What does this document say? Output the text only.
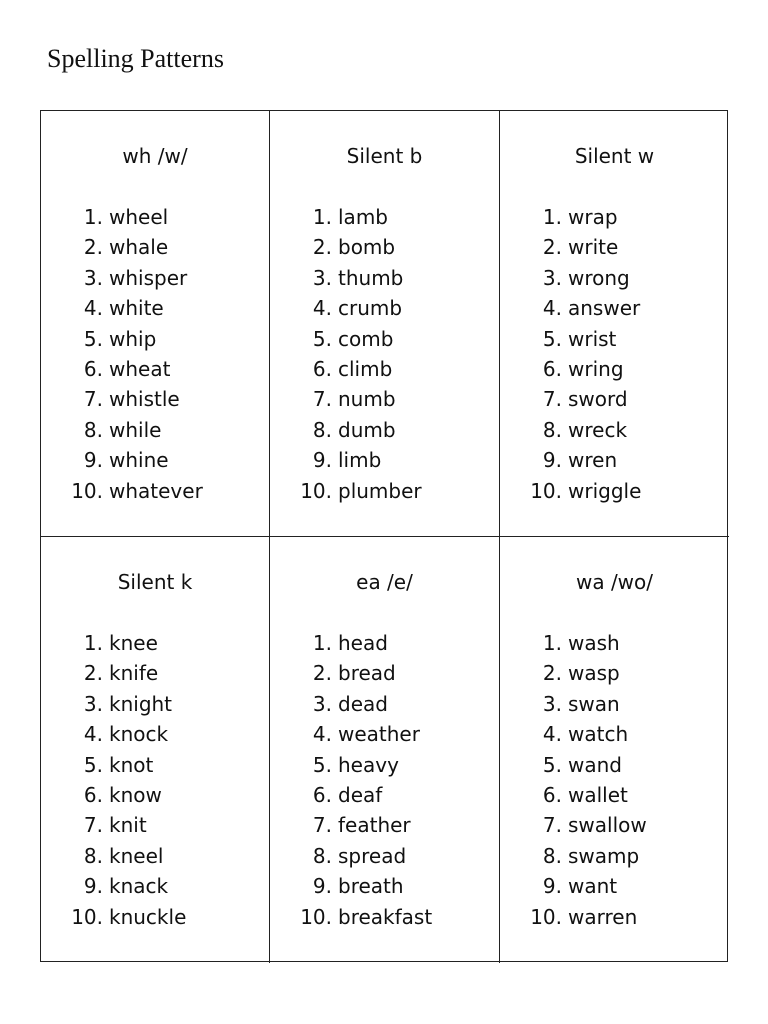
Spelling Patterns
wh /w/
1. wheel
2. whale
3. whisper
4. white
5. whip
6. wheat
7. whistle
8. while
9. whine
10. whatever
Silent b
1. lamb
2. bomb
3. thumb
4. crumb
5. comb
6. climb
7. numb
8. dumb
9. limb
10. plumber
Silent w
1. wrap
2. write
3. wrong
4. answer
5. wrist
6. wring
7. sword
8. wreck
9. wren
10. wriggle
Silent k
1. knee
2. knife
3. knight
4. knock
5. knot
6. know
7. knit
8. kneel
9. knack
10. knuckle
ea /e/
1. head
2. bread
3. dead
4. weather
5. heavy
6. deaf
7. feather
8. spread
9. breath
10. breakfast
wa /wo/
1. wash
2. wasp
3. swan
4. watch
5. wand
6. wallet
7. swallow
8. swamp
9. want
10. warren
